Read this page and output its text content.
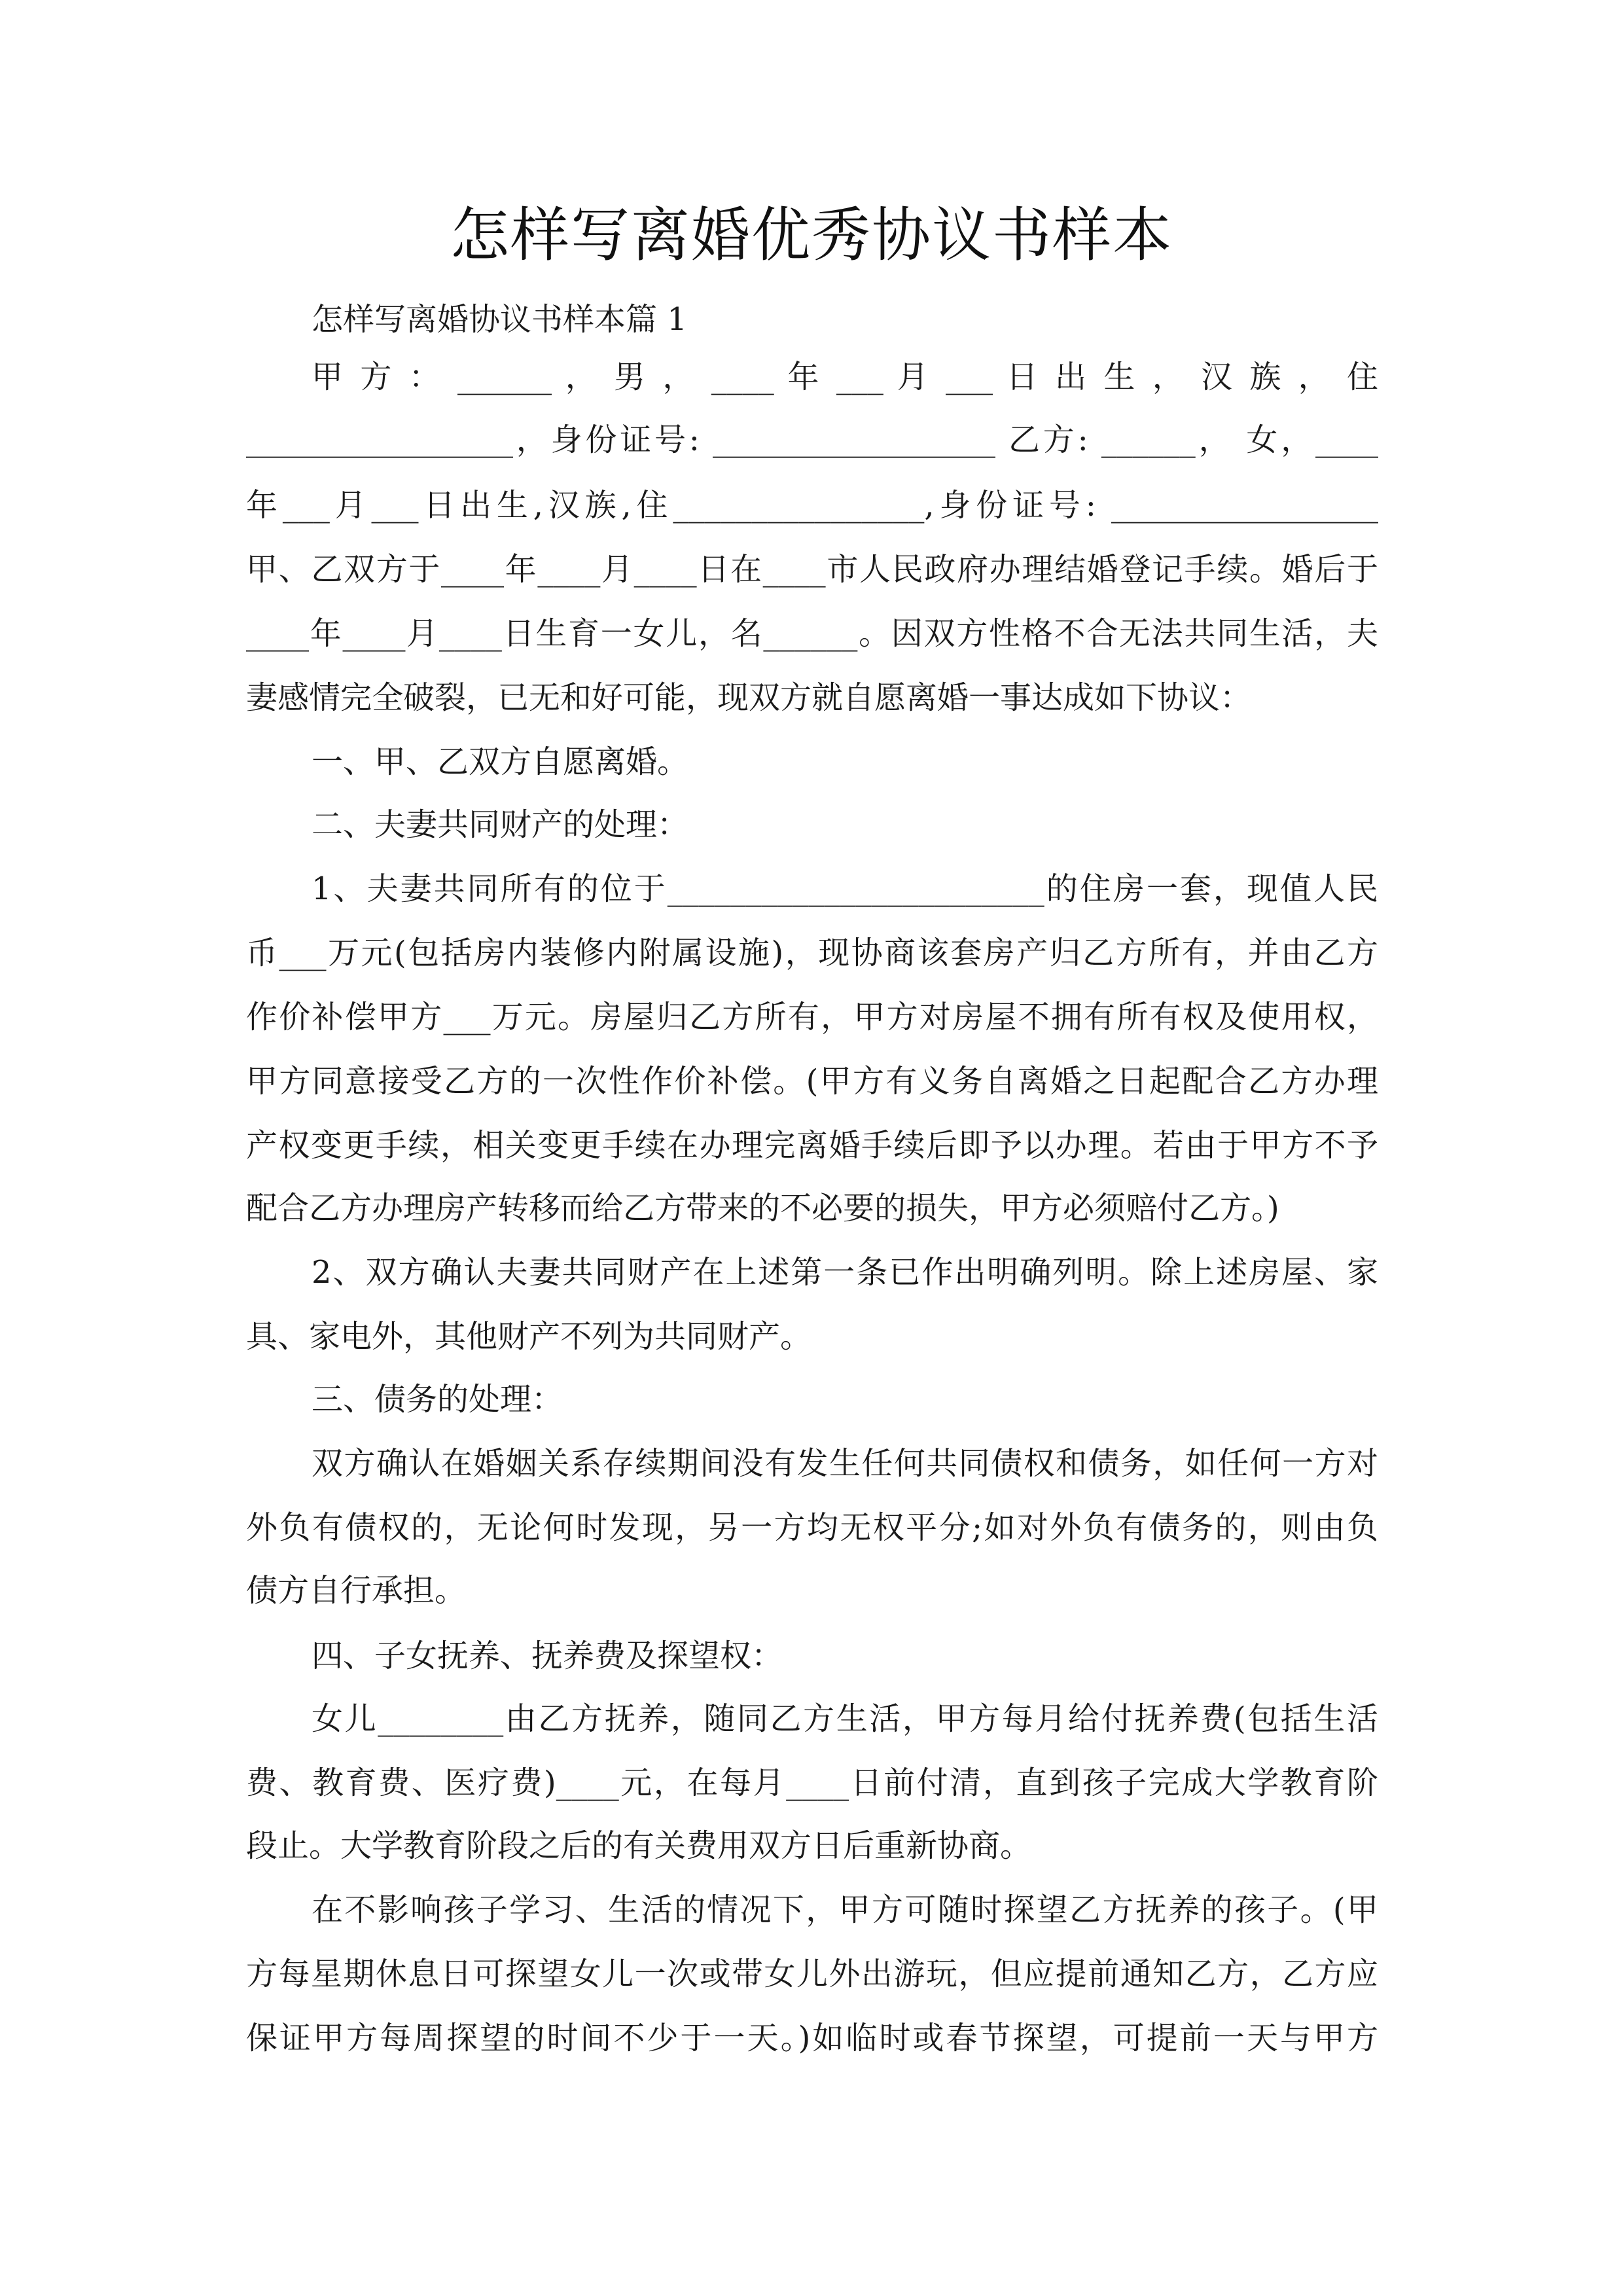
怎样写离婚优秀协议书样本
怎样写离婚协议书样本篇 1
甲 方 ： ______ ， 男 ， ____ 年 ___ 月 ___ 日 出 生 ， 汉 族 ， 住
_________________，身份证号: __________________ 乙方: ______， 女，____
年___月___日出生,汉族,住________________,身份证号: _________________
甲、乙双方于____年____月____日在____市人民政府办理结婚登记手续。婚后于
____年____月____日生育一女儿，名______。因双方性格不合无法共同生活，夫
妻感情完全破裂，已无和好可能，现双方就自愿离婚一事达成如下协议：
一、甲、乙双方自愿离婚。
二、夫妻共同财产的处理：
1、夫妻共同所有的位于________________________的住房一套，现值人民
币___万元(包括房内装修内附属设施)，现协商该套房产归乙方所有，并由乙方
作价补偿甲方___万元。房屋归乙方所有，甲方对房屋不拥有所有权及使用权，
甲方同意接受乙方的一次性作价补偿。(甲方有义务自离婚之日起配合乙方办理
产权变更手续，相关变更手续在办理完离婚手续后即予以办理。若由于甲方不予
配合乙方办理房产转移而给乙方带来的不必要的损失，甲方必须赔付乙方。)
2、双方确认夫妻共同财产在上述第一条已作出明确列明。除上述房屋、家
具、家电外，其他财产不列为共同财产。
三、债务的处理：
双方确认在婚姻关系存续期间没有发生任何共同债权和债务，如任何一方对
外负有债权的，无论何时发现，另一方均无权平分;如对外负有债务的，则由负
债方自行承担。
四、子女抚养、抚养费及探望权：
女儿________由乙方抚养，随同乙方生活，甲方每月给付抚养费(包括生活
费、教育费、医疗费)____元，在每月____日前付清，直到孩子完成大学教育阶
段止。大学教育阶段之后的有关费用双方日后重新协商。
在不影响孩子学习、生活的情况下，甲方可随时探望乙方抚养的孩子。(甲
方每星期休息日可探望女儿一次或带女儿外出游玩，但应提前通知乙方，乙方应
保证甲方每周探望的时间不少于一天。)如临时或春节探望，可提前一天与甲方
